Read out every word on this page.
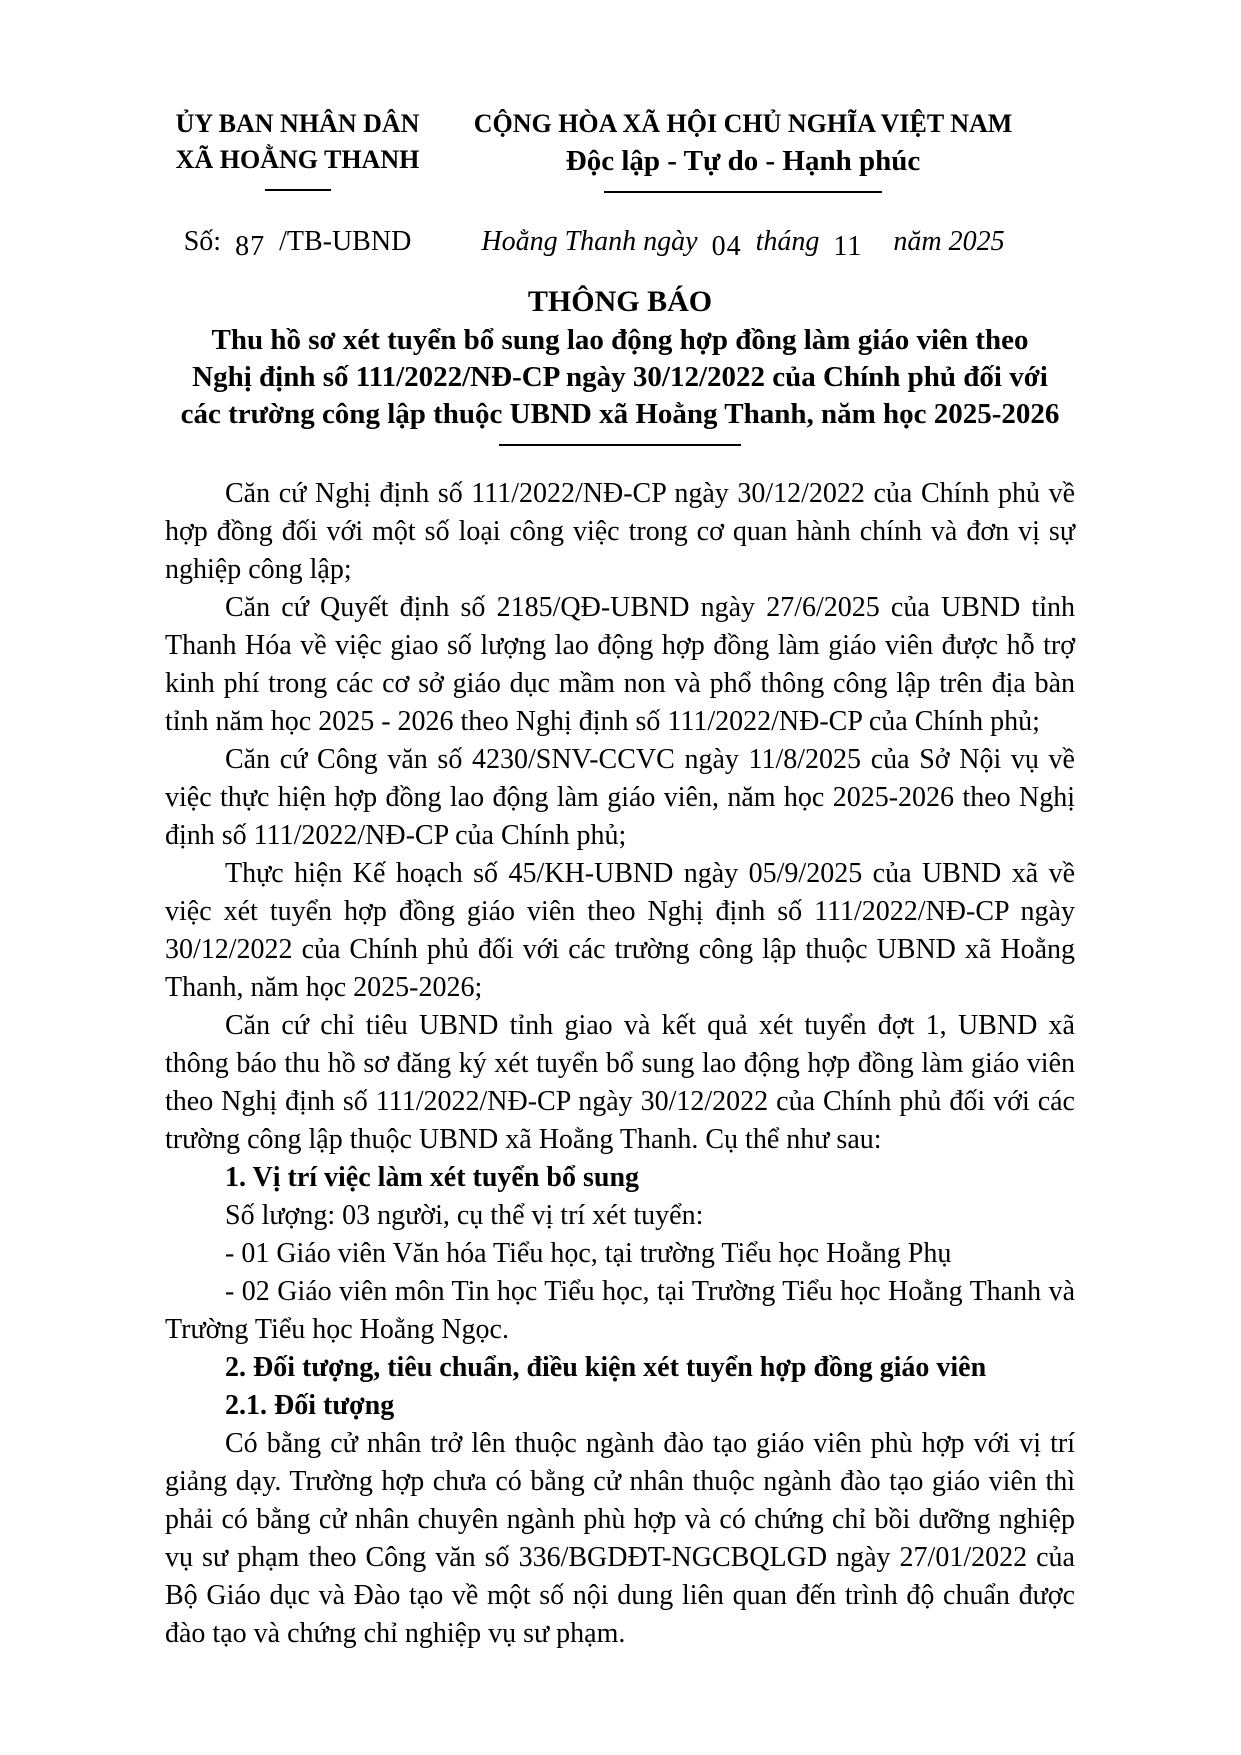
ỦY BAN NHÂN DÂN
XÃ HOẰNG THANH
CỘNG HÒA XÃ HỘI CHỦ NGHĨA VIỆT NAM
Độc lập - Tự do - Hạnh phúc
Số: 87 /TB-UBND	Hoằng Thanh ngày 04 tháng 11 năm 2025
THÔNG BÁO
Thu hồ sơ xét tuyển bổ sung lao động hợp đồng làm giáo viên theo
Nghị định số 111/2022/NĐ-CP ngày 30/12/2022 của Chính phủ đối với
các trường công lập thuộc UBND xã Hoằng Thanh, năm học 2025-2026

Căn cứ Nghị định số 111/2022/NĐ-CP ngày 30/12/2022 của Chính phủ về hợp đồng đối với một số loại công việc trong cơ quan hành chính và đơn vị sự nghiệp công lập;

Căn cứ Quyết định số 2185/QĐ-UBND ngày 27/6/2025 của UBND tỉnh Thanh Hóa về việc giao số lượng lao động hợp đồng làm giáo viên được hỗ trợ kinh phí trong các cơ sở giáo dục mầm non và phổ thông công lập trên địa bàn tỉnh năm học 2025 - 2026 theo Nghị định số 111/2022/NĐ-CP của Chính phủ;

Căn cứ Công văn số 4230/SNV-CCVC ngày 11/8/2025 của Sở Nội vụ về việc thực hiện hợp đồng lao động làm giáo viên, năm học 2025-2026 theo Nghị định số 111/2022/NĐ-CP của Chính phủ;

Thực hiện Kế hoạch số 45/KH-UBND ngày 05/9/2025 của UBND xã về việc xét tuyển hợp đồng giáo viên theo Nghị định số 111/2022/NĐ-CP ngày 30/12/2022 của Chính phủ đối với các trường công lập thuộc UBND xã Hoằng Thanh, năm học 2025-2026;

Căn cứ chỉ tiêu UBND tỉnh giao và kết quả xét tuyển đợt 1, UBND xã thông báo thu hồ sơ đăng ký xét tuyển bổ sung lao động hợp đồng làm giáo viên theo Nghị định số 111/2022/NĐ-CP ngày 30/12/2022 của Chính phủ đối với các trường công lập thuộc UBND xã Hoằng Thanh. Cụ thể như sau:

1. Vị trí việc làm xét tuyển bổ sung

Số lượng: 03 người, cụ thể vị trí xét tuyển:

- 01 Giáo viên Văn hóa Tiểu học, tại trường Tiểu học Hoằng Phụ

- 02 Giáo viên môn Tin học Tiểu học, tại Trường Tiểu học Hoằng Thanh và Trường Tiểu học Hoằng Ngọc.

2. Đối tượng, tiêu chuẩn, điều kiện xét tuyển hợp đồng giáo viên

2.1. Đối tượng

Có bằng cử nhân trở lên thuộc ngành đào tạo giáo viên phù hợp với vị trí giảng dạy. Trường hợp chưa có bằng cử nhân thuộc ngành đào tạo giáo viên thì phải có bằng cử nhân chuyên ngành phù hợp và có chứng chỉ bồi dưỡng nghiệp vụ sư phạm theo Công văn số 336/BGDĐT-NGCBQLGD ngày 27/01/2022 của Bộ Giáo dục và Đào tạo về một số nội dung liên quan đến trình độ chuẩn được đào tạo và chứng chỉ nghiệp vụ sư phạm.
